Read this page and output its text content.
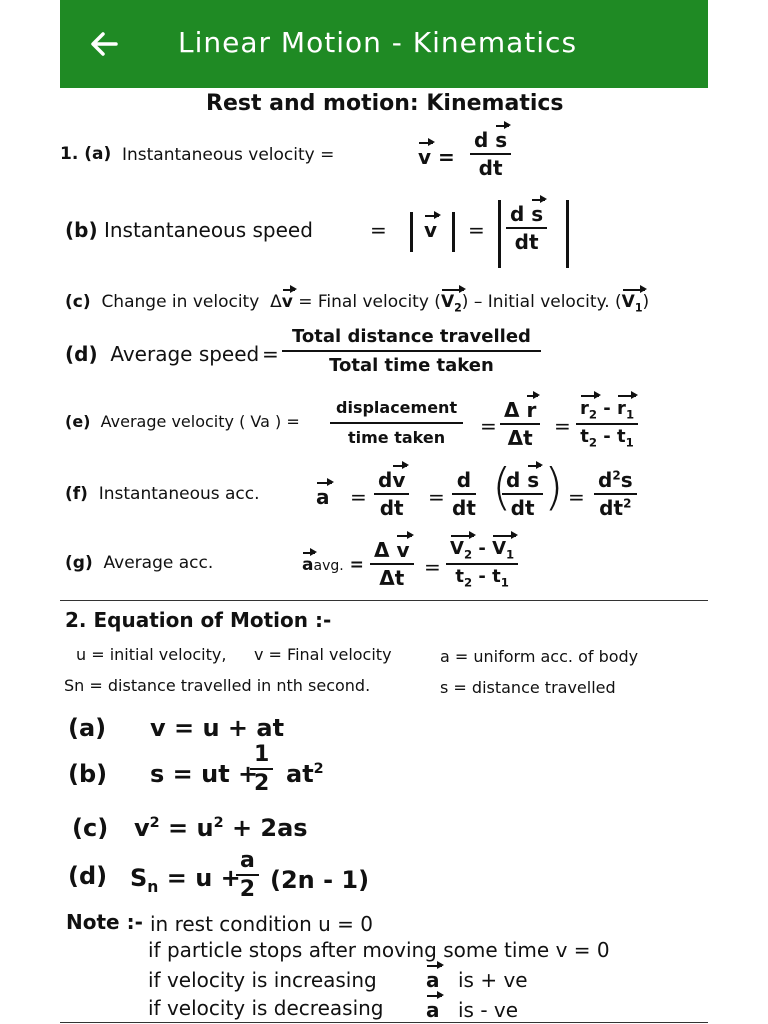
Linear Motion - Kinematics
Rest and motion: Kinematics
1. (a) Instantaneous velocity =	$v = \frac{\text{d s}}{dt}$
(b) Instantaneous speed	= $v = \frac{\text{d s}}{dt}$
(c) Change in velocity  Δv = Final velocity $(V_2)$ – Initial velocity. $(V_1)$
(d) Average speed =
Total distance travelled
Total time taken
(e) Average velocity ( Va ) =
displacement
time taken	= $\frac{\text{Δ r}}{\Delta t} = \frac{r_2 - r_1}{t_2 - t_1}$
(f) Instantaneous acc.	$a = \frac{dv}{dt} = \frac{d}{dt}$ (
$\frac{\text{d s}}{dt}$ ) = $\frac{d^2s}{dt^2}$
(g) Average acc.	aavg. = $\frac{\text{Δ v}}{\Delta t} = \frac{V_2 - V_1}{t_2 - t_1}$
2. Equation of Motion :-
u = initial velocity, v = Final velocity	a = uniform acc. of body
Sn = distance travelled in nth second.	s = distance travelled
(a) v = u + at
(b) s = ut +
$\frac{1}{2} at^2$
(c) $v^2 = u^2 + 2as$
(d) $S_n = u$ +
$\frac{a}{2} (2n - 1)$
Note :- in rest condition u = 0
if particle stops after moving some time v = 0
if velocity is increasing a is + ve
if velocity is decreasing a is - ve
